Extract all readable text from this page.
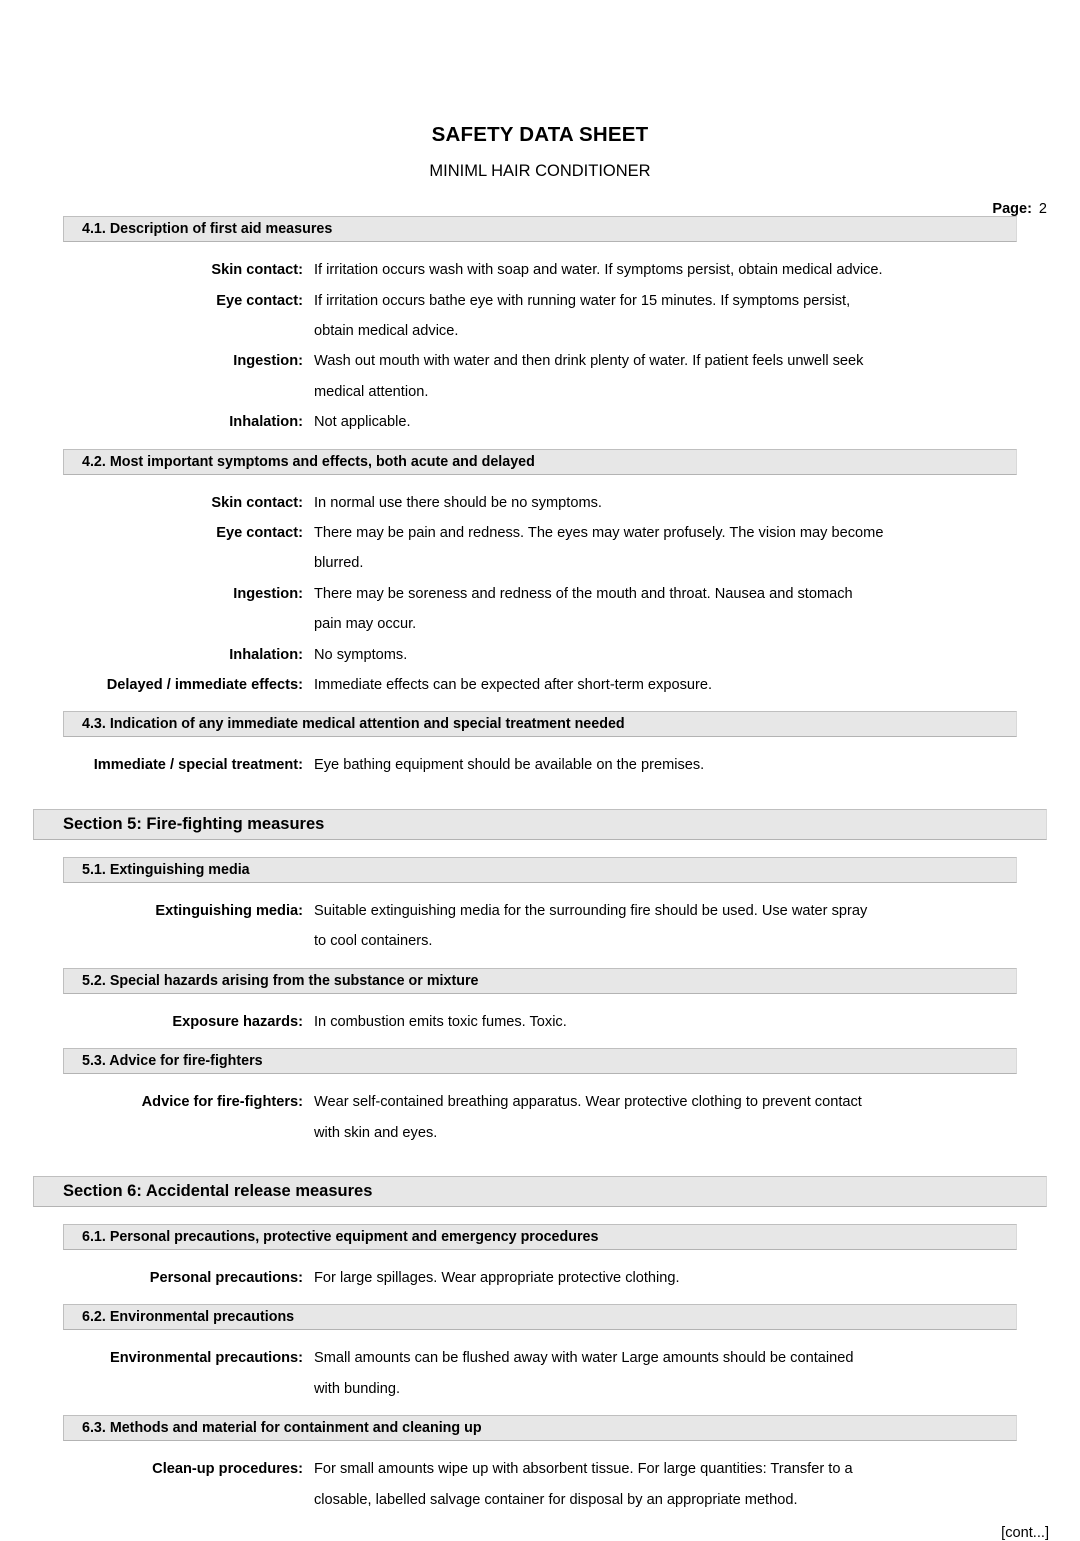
SAFETY DATA SHEET
MINIML HAIR CONDITIONER
Page: 2
4.1. Description of first aid measures
Skin contact: If irritation occurs wash with soap and water. If symptoms persist, obtain medical advice.
Eye contact: If irritation occurs bathe eye with running water for 15 minutes. If symptoms persist,
obtain medical advice.
Ingestion: Wash out mouth with water and then drink plenty of water. If patient feels unwell seek
medical attention.
Inhalation: Not applicable.
4.2. Most important symptoms and effects, both acute and delayed
Skin contact: In normal use there should be no symptoms.
Eye contact: There may be pain and redness. The eyes may water profusely. The vision may become
blurred.
Ingestion: There may be soreness and redness of the mouth and throat. Nausea and stomach
pain may occur.
Inhalation: No symptoms.
Delayed / immediate effects: Immediate effects can be expected after short-term exposure.
4.3. Indication of any immediate medical attention and special treatment needed
Immediate / special treatment: Eye bathing equipment should be available on the premises.
Section 5: Fire-fighting measures
5.1. Extinguishing media
Extinguishing media: Suitable extinguishing media for the surrounding fire should be used. Use water spray
to cool containers.
5.2. Special hazards arising from the substance or mixture
Exposure hazards: In combustion emits toxic fumes. Toxic.
5.3. Advice for fire-fighters
Advice for fire-fighters: Wear self-contained breathing apparatus. Wear protective clothing to prevent contact
with skin and eyes.
Section 6: Accidental release measures
6.1. Personal precautions, protective equipment and emergency procedures
Personal precautions: For large spillages. Wear appropriate protective clothing.
6.2. Environmental precautions
Environmental precautions: Small amounts can be flushed away with water Large amounts should be contained
with bunding.
6.3. Methods and material for containment and cleaning up
Clean-up procedures: For small amounts wipe up with absorbent tissue. For large quantities: Transfer to a
closable, labelled salvage container for disposal by an appropriate method.
[cont...]
